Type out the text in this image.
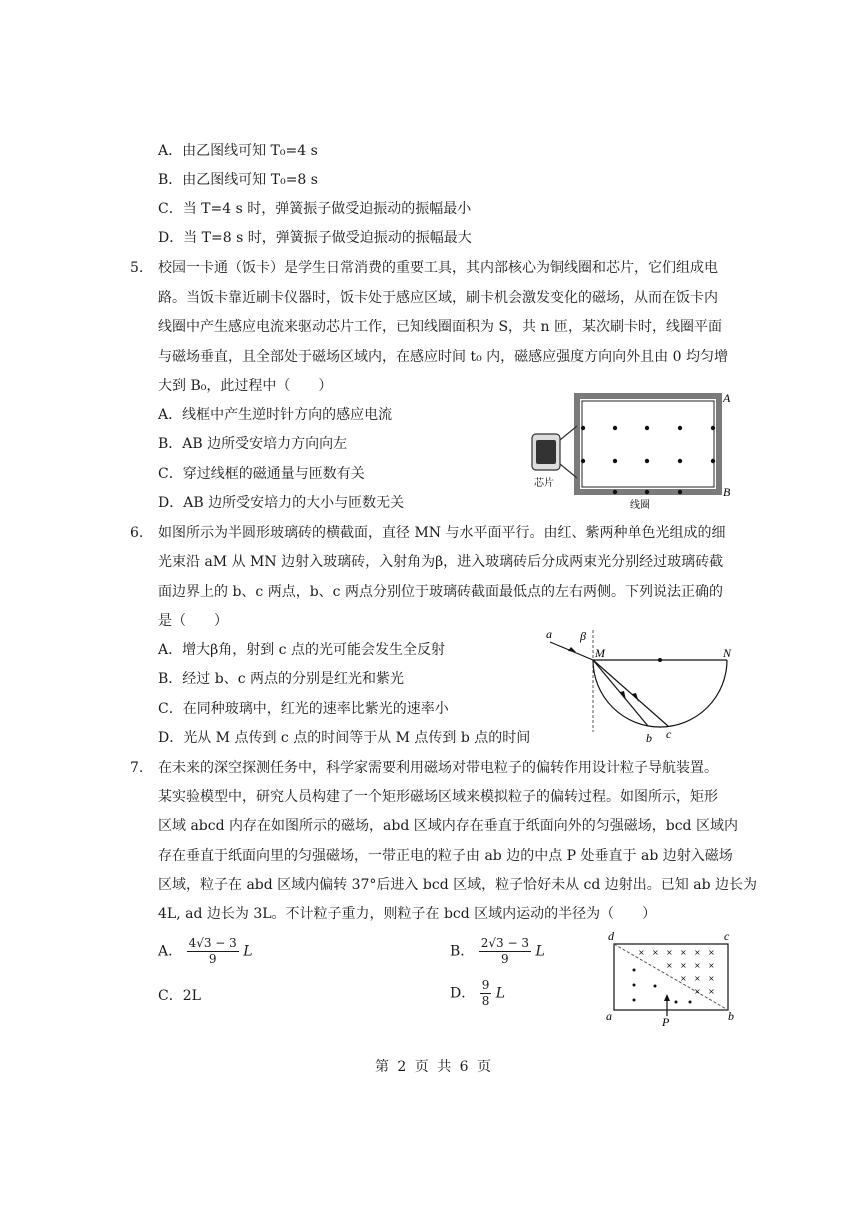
A．由乙图线可知 T₀=4 s
B．由乙图线可知 T₀=8 s
C．当 T=4 s 时，弹簧振子做受迫振动的振幅最小
D．当 T=8 s 时，弹簧振子做受迫振动的振幅最大
5. 校园一卡通（饭卡）是学生日常消费的重要工具，其内部核心为铜线圈和芯片，它们组成电
路。当饭卡靠近刷卡仪器时，饭卡处于感应区域，刷卡机会激发变化的磁场，从而在饭卡内
线圈中产生感应电流来驱动芯片工作，已知线圈面积为 S，共 n 匝，某次刷卡时，线圈平面
与磁场垂直，且全部处于磁场区域内，在感应时间 t₀ 内，磁感应强度方向向外且由 0 均匀增
大到 B₀，此过程中（　　）
A．线框中产生逆时针方向的感应电流
B．AB 边所受安培力方向向左
C．穿过线框的磁通量与匝数有关
D．AB 边所受安培力的大小与匝数无关
A
B
芯片
线圈
6. 如图所示为半圆形玻璃砖的横截面，直径 MN 与水平面平行。由红、紫两种单色光组成的细
光束沿 aM 从 MN 边射入玻璃砖，入射角为β，进入玻璃砖后分成两束光分别经过玻璃砖截
面边界上的 b、c 两点，b、c 两点分别位于玻璃砖截面最低点的左右两侧。下列说法正确的
是（　　）
A．增大β角，射到 c 点的光可能会发生全反射
B．经过 b、c 两点的分别是红光和紫光
C．在同种玻璃中，红光的速率比紫光的速率小
D．光从 M 点传到 c 点的时间等于从 M 点传到 b 点的时间
a β
M	N
b c
7. 在未来的深空探测任务中，科学家需要利用磁场对带电粒子的偏转作用设计粒子导航装置。
某实验模型中，研究人员构建了一个矩形磁场区域来模拟粒子的偏转过程。如图所示，矩形
区域 abcd 内存在如图所示的磁场，abd 区域内存在垂直于纸面向外的匀强磁场，bcd 区域内
存在垂直于纸面向里的匀强磁场，一带正电的粒子由 ab 边的中点 P 处垂直于 ab 边射入磁场
区域，粒子在 abd 区域内偏转 37°后进入 bcd 区域，粒子恰好未从 cd 边射出。已知 ab 边长为
4L, ad 边长为 3L。不计粒子重力，则粒子在 bcd 区域内运动的半径为（　　）
A． $\frac{4√3 - 3}{9}$ L	B． $\frac{2√3 - 3}{9}$ L
C．2L	D． $\frac{9}{8}$ L
× × × × × ×
× × × ×
× × ×
×
×
d	c
a	b
P
第 2 页 共 6 页
